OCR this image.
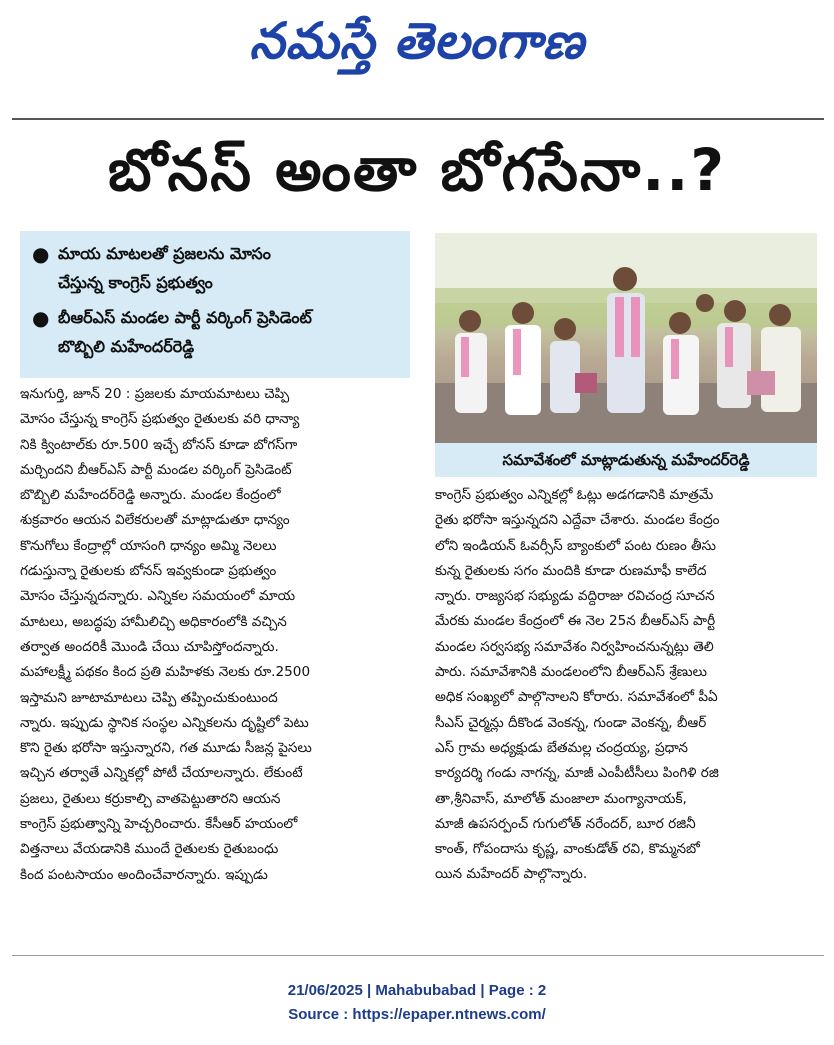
నమస్తే తెలంగాణ
బోనస్ అంతా బోగసేనా..?
● మాయ మాటలతో ప్రజలను మోసం
చేస్తున్న కాంగ్రెస్ ప్రభుత్వం
● బీఆర్ఎస్ మండల పార్టీ వర్కింగ్ ప్రెసిడెంట్
బొబ్బిలి మహేందర్‌రెడ్డి
సమావేశంలో మాట్లాడుతున్న మహేందర్‌రెడ్డి
ఇనుగుర్తి, జూన్ 20 : ప్రజలకు మాయమాటలు చెప్పి
మోసం చేస్తున్న కాంగ్రెస్ ప్రభుత్వం రైతులకు వరి ధాన్యా
నికి క్వింటాల్‌కు రూ.500 ఇచ్చే బోనస్ కూడా బోగస్‌గా
మర్చిందని బీఆర్ఎస్ పార్టీ మండల వర్కింగ్ ప్రెసిడెంట్
బొబ్బిలి మహేందర్‌రెడ్డి అన్నారు. మండల కేంద్రంలో
శుక్రవారం ఆయన విలేకరులతో మాట్లాడుతూ ధాన్యం
కొనుగోలు కేంద్రాల్లో యాసంగి ధాన్యం అమ్మి నెలలు
గడుస్తున్నా రైతులకు బోనస్ ఇవ్వకుండా ప్రభుత్వం
మోసం చేస్తున్నదన్నారు. ఎన్నికల సమయంలో మాయ
మాటలు, అబద్ధపు హామీలిచ్చి అధికారంలోకి వచ్చిన
తర్వాత అందరికీ మొండి చేయి చూపిస్తోందన్నారు.
మహాలక్ష్మీ పథకం కింద ప్రతి మహిళకు నెలకు రూ.2500
ఇస్తామని జూటామాటలు చెప్పి తప్పించుకుంటుంద
న్నారు. ఇప్పుడు స్థానిక సంస్థల ఎన్నికలను దృష్టిలో పెటు
కొని రైతు భరోసా ఇస్తున్నారని, గత మూడు సీజన్ల పైసలు
ఇచ్చిన తర్వాతే ఎన్నికల్లో పోటీ చేయాలన్నారు. లేకుంటే
ప్రజలు, రైతులు కర్రుకాల్చి వాతపెట్టుతారని ఆయన
కాంగ్రెస్ ప్రభుత్వాన్ని హెచ్చరించారు. కేసీఆర్ హయంలో
విత్తనాలు వేయడానికి ముందే రైతులకు రైతుబంధు
కింద పంటసాయం అందించేవారన్నారు. ఇప్పుడు
కాంగ్రెస్ ప్రభుత్వం ఎన్నికల్లో ఓట్లు అడగడానికి మాత్రమే
రైతు భరోసా ఇస్తున్నదని ఎద్దేవా చేశారు. మండల కేంద్రం
లోని ఇండియన్ ఓవర్సీస్ బ్యాంకులో పంట రుణం తీసు
కున్న రైతులకు సగం మందికి కూడా రుణమాఫీ కాలేద
న్నారు. రాజ్యసభ సభ్యుడు వద్దిరాజు రవిచంద్ర సూచన
మేరకు మండల కేంద్రంలో ఈ నెల 25న బీఆర్ఎస్ పార్టీ
మండల సర్వసభ్య సమావేశం నిర్వహించనున్నట్లు తెలి
పారు. సమావేశానికి మండలంలోని బీఆర్ఎస్ శ్రేణులు
అధిక సంఖ్యలో పాల్గొనాలని కోరారు. సమావేశంలో పీఏ
సీఎస్ చైర్మన్లు దీకొండ వెంకన్న, గుండా వెంకన్న, బీఆర్
ఎస్ గ్రామ అధ్యక్షుడు బేతమల్ల చంద్రయ్య, ప్రధాన
కార్యదర్శి గండు నాగన్న, మాజీ ఎంపీటీసీలు పింగిళి రజి
తా,శ్రీనివాస్, మాలోత్ మంజాలా మంగ్యానాయక్,
మాజీ ఉపసర్పంచ్ గుగులోత్ నరేందర్, బూర రజినీ
కాంత్, గోపందాసు కృష్ణ, వాంకుడోత్ రవి, కొమ్మనబో
యిన మహేందర్ పాల్గొన్నారు.
21/06/2025 | Mahabubabad | Page : 2
Source : https://epaper.ntnews.com/
